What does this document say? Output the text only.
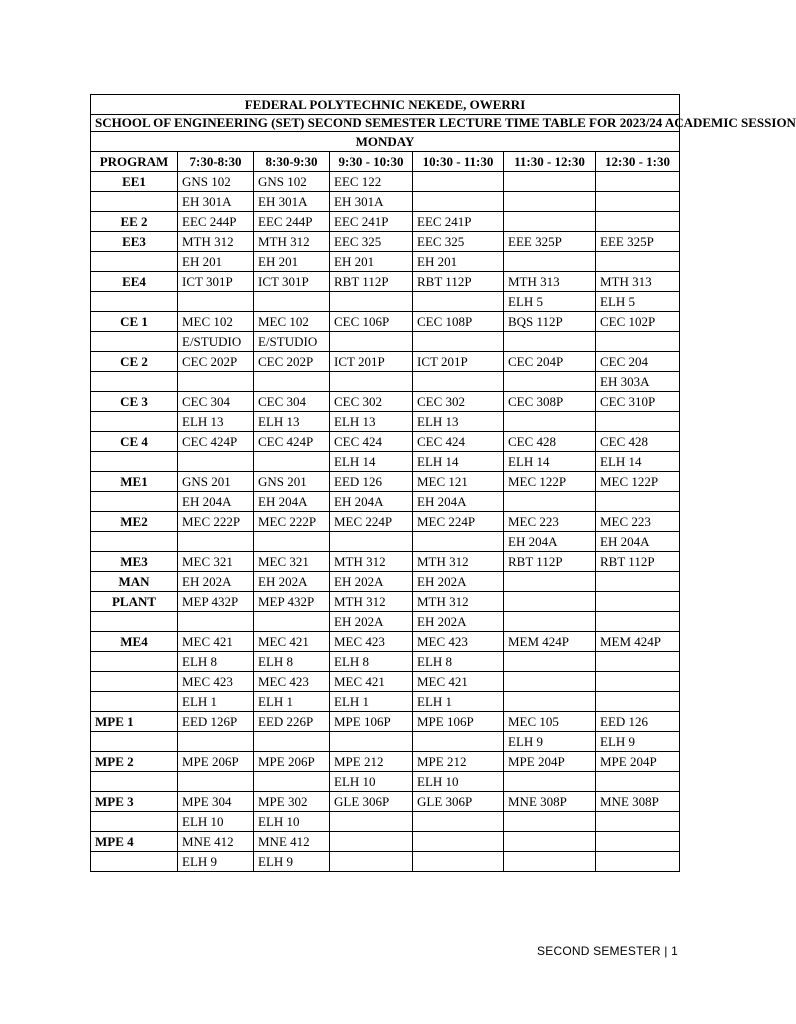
FEDERAL POLYTECHNIC NEKEDE, OWERRI						
SCHOOL OF ENGINEERING (SET) SECOND SEMESTER LECTURE TIME TABLE FOR 2023/24 ACADEMIC SESSION						
MONDAY						
PROGRAM	7:30-8:30	8:30-9:30	9:30 - 10:30	10:30 - 11:30	11:30 - 12:30	12:30 - 1:30
EE1	GNS 102	GNS 102	EEC 122			
	EH 301A	EH 301A	EH 301A			
EE 2	EEC 244P	EEC 244P	EEC 241P	EEC 241P		
EE3	MTH 312	MTH 312	EEC 325	EEC 325	EEE 325P	EEE 325P
	EH 201	EH 201	EH 201	EH 201		
EE4	ICT 301P	ICT 301P	RBT 112P	RBT 112P	MTH 313	MTH 313
					ELH 5	ELH 5
CE 1	MEC 102	MEC 102	CEC 106P	CEC 108P	BQS 112P	CEC 102P
	E/STUDIO	E/STUDIO				
CE 2	CEC 202P	CEC 202P	ICT 201P	ICT 201P	CEC 204P	CEC 204
						EH 303A
CE 3	CEC 304	CEC 304	CEC 302	CEC 302	CEC 308P	CEC 310P
	ELH 13	ELH 13	ELH 13	ELH 13		
CE 4	CEC 424P	CEC 424P	CEC 424	CEC 424	CEC 428	CEC 428
			ELH 14	ELH 14	ELH 14	ELH 14
ME1	GNS 201	GNS 201	EED 126	MEC 121	MEC 122P	MEC 122P
	EH 204A	EH 204A	EH 204A	EH 204A		
ME2	MEC 222P	MEC 222P	MEC 224P	MEC 224P	MEC 223	MEC 223
					EH 204A	EH 204A
ME3	MEC 321	MEC 321	MTH 312	MTH 312	RBT 112P	RBT 112P
MAN	EH 202A	EH 202A	EH 202A	EH 202A		
PLANT	MEP 432P	MEP 432P	MTH 312	MTH 312		
			EH 202A	EH 202A		
ME4	MEC 421	MEC 421	MEC 423	MEC 423	MEM 424P	MEM 424P
	ELH 8	ELH 8	ELH 8	ELH 8		
	MEC 423	MEC 423	MEC 421	MEC 421		
	ELH 1	ELH 1	ELH 1	ELH 1		
MPE 1	EED 126P	EED 226P	MPE 106P	MPE 106P	MEC 105	EED 126
					ELH 9	ELH 9
MPE 2	MPE 206P	MPE 206P	MPE 212	MPE 212	MPE 204P	MPE 204P
			ELH 10	ELH 10		
MPE 3	MPE 304	MPE 302	GLE 306P	GLE 306P	MNE 308P	MNE 308P
	ELH 10	ELH 10				
MPE 4	MNE 412	MNE 412				
	ELH 9	ELH 9				
SECOND SEMESTER | 1
